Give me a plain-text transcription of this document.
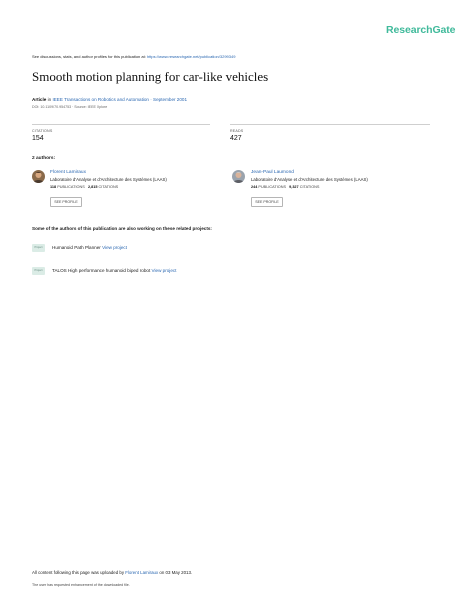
ResearchGate
See discussions, stats, and author profiles for this publication at: https://www.researchgate.net/publication/3299349
Smooth motion planning for car-like vehicles
Article in IEEE Transactions on Robotics and Automation · September 2001
DOI: 10.1109/70.954753 · Source: IEEE Xplore
CITATIONS
154
READS
427
2 authors:
Florent Lamiraux
Laboratoire d'Analyse et d'Architecture des Systèmes (LAAS)
118 PUBLICATIONS 2,815 CITATIONS
SEE PROFILE
Jean-Paul Laumond
Laboratoire d'Analyse et d'Architecture des Systèmes (LAAS)
244 PUBLICATIONS 9,327 CITATIONS
SEE PROFILE
Some of the authors of this publication are also working on these related projects:
Project	Humanoid Path Planner View project
Project	TALOS High performance humanoid biped robot View project
All content following this page was uploaded by Florent Lamiraux on 03 May 2013.
The user has requested enhancement of the downloaded file.
